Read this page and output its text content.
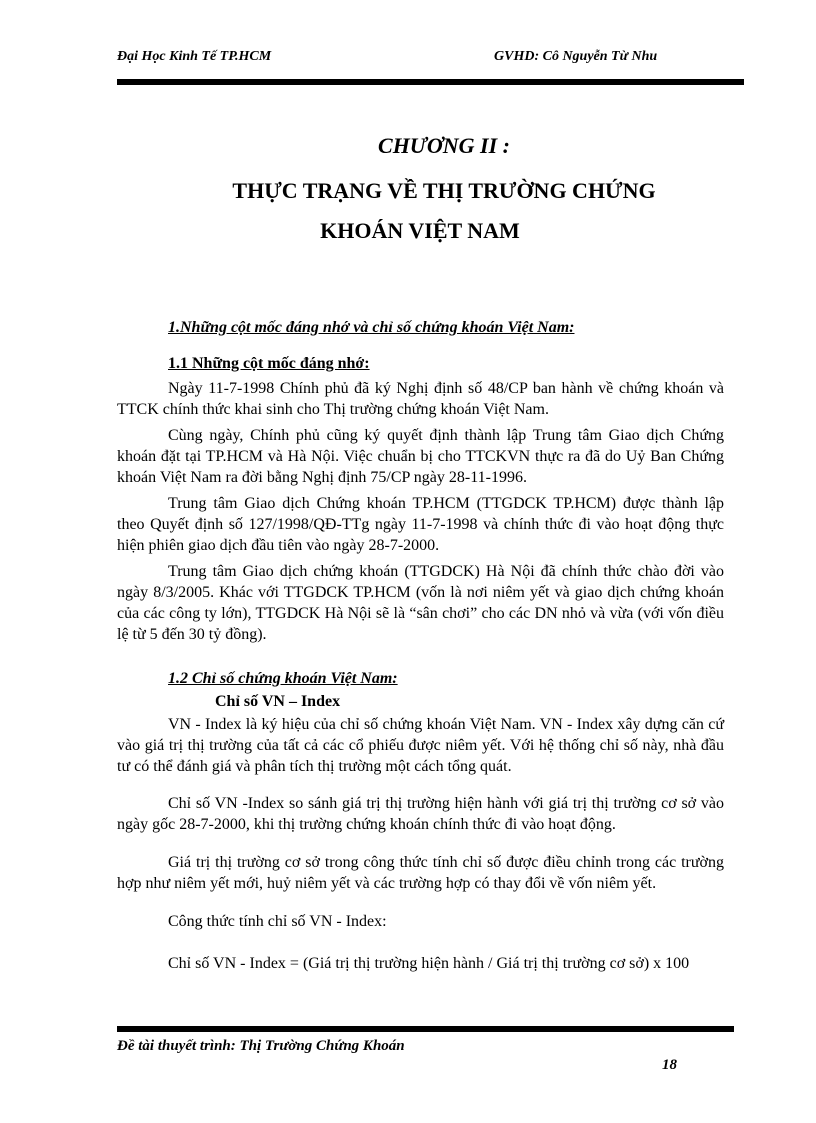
Đại Học Kinh Tế TP.HCM	GVHD: Cô Nguyễn Từ Nhu
CHƯƠNG II :
THỰC TRẠNG VỀ THỊ TRƯỜNG CHỨNG
KHOÁN VIỆT NAM
1.Những cột mốc đáng nhớ và chỉ số chứng khoán Việt Nam:
1.1 Những cột mốc đáng nhớ:

Ngày 11-7-1998 Chính phủ đã ký Nghị định số 48/CP ban hành về chứng khoán và TTCK chính thức khai sinh cho Thị trường chứng khoán Việt Nam.

Cùng ngày, Chính phủ cũng ký quyết định thành lập Trung tâm Giao dịch Chứng khoán đặt tại TP.HCM và Hà Nội. Việc chuẩn bị cho TTCKVN thực ra đã do Uỷ Ban Chứng khoán Việt Nam ra đời bằng Nghị định 75/CP ngày 28-11-1996.

Trung tâm Giao dịch Chứng khoán TP.HCM (TTGDCK TP.HCM) được thành lập theo Quyết định số 127/1998/QĐ-TTg ngày 11-7-1998 và chính thức đi vào hoạt động thực hiện phiên giao dịch đầu tiên vào ngày 28-7-2000.

Trung tâm Giao dịch chứng khoán (TTGDCK) Hà Nội đã chính thức chào đời vào ngày 8/3/2005. Khác với TTGDCK TP.HCM (vốn là nơi niêm yết và giao dịch chứng khoán của các công ty lớn), TTGDCK Hà Nội sẽ là “sân chơi” cho các DN nhỏ và vừa (với vốn điều lệ từ 5 đến 30 tỷ đồng).

1.2 Chỉ số chứng khoán Việt Nam:
Chỉ số VN – Index

VN - Index là ký hiệu của chỉ số chứng khoán Việt Nam. VN - Index xây dựng căn cứ vào giá trị thị trường của tất cả các cổ phiếu được niêm yết. Với hệ thống chỉ số này, nhà đầu tư có thể đánh giá và phân tích thị trường một cách tổng quát.

Chỉ số VN -Index so sánh giá trị thị trường hiện hành với giá trị thị trường cơ sở vào ngày gốc 28-7-2000, khi thị trường chứng khoán chính thức đi vào hoạt động.

Giá trị thị trường cơ sở trong công thức tính chỉ số được điều chỉnh trong các trường hợp như niêm yết mới, huỷ niêm yết và các trường hợp có thay đổi về vốn niêm yết.

Công thức tính chỉ số VN - Index:

Chỉ số VN - Index = (Giá trị thị trường hiện hành / Giá trị thị trường cơ sở) x 100

Đề tài thuyết trình: Thị Trường Chứng Khoán
18
